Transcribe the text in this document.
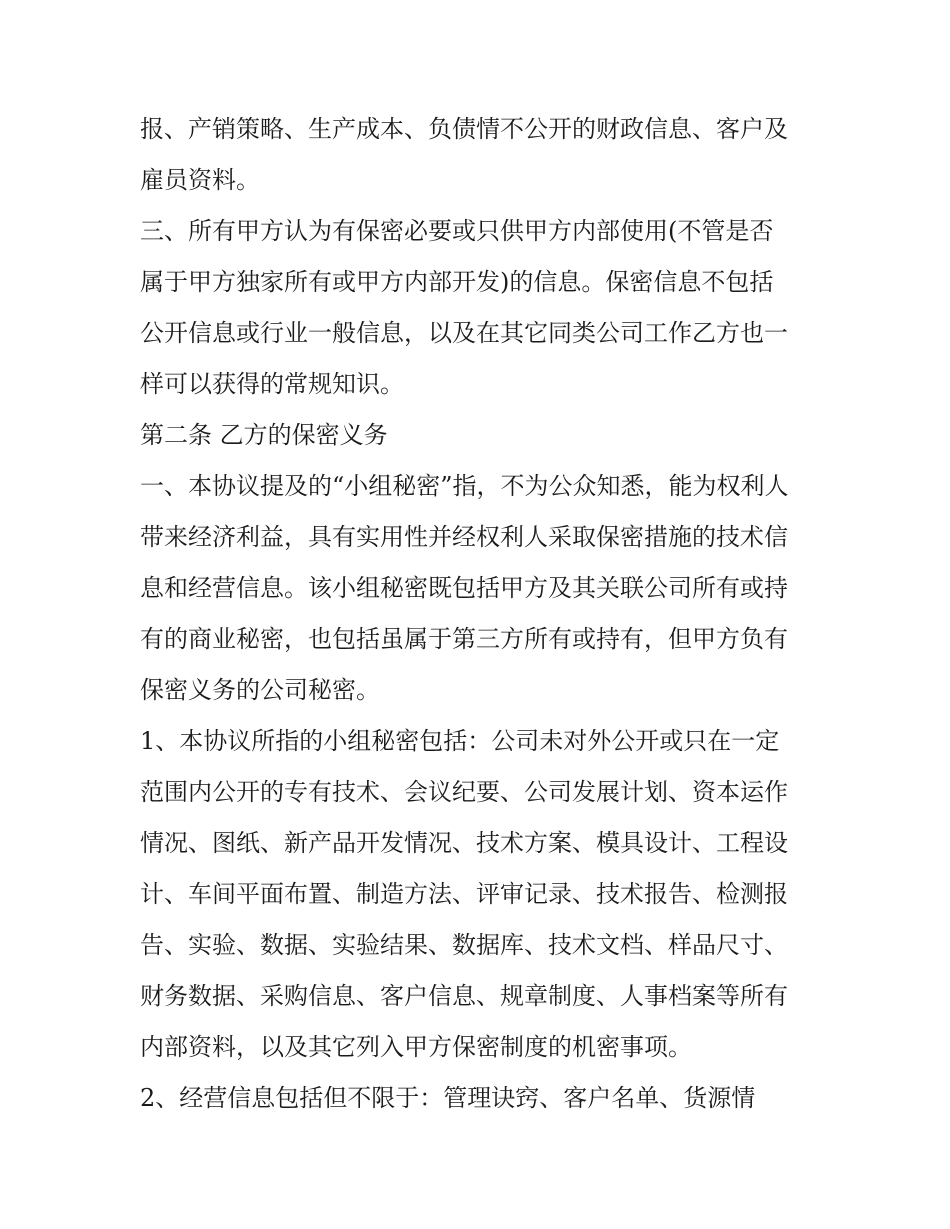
报、产销策略、生产成本、负债情不公开的财政信息、客户及
雇员资料。
三、所有甲方认为有保密必要或只供甲方内部使用(不管是否
属于甲方独家所有或甲方内部开发)的信息。保密信息不包括
公开信息或行业一般信息，以及在其它同类公司工作乙方也一
样可以获得的常规知识。
第二条 乙方的保密义务
一、本协议提及的“小组秘密”指，不为公众知悉，能为权利人
带来经济利益，具有实用性并经权利人采取保密措施的技术信
息和经营信息。该小组秘密既包括甲方及其关联公司所有或持
有的商业秘密，也包括虽属于第三方所有或持有，但甲方负有
保密义务的公司秘密。
1、本协议所指的小组秘密包括：公司未对外公开或只在一定
范围内公开的专有技术、会议纪要、公司发展计划、资本运作
情况、图纸、新产品开发情况、技术方案、模具设计、工程设
计、车间平面布置、制造方法、评审记录、技术报告、检测报
告、实验、数据、实验结果、数据库、技术文档、样品尺寸、
财务数据、采购信息、客户信息、规章制度、人事档案等所有
内部资料，以及其它列入甲方保密制度的机密事项。
2、经营信息包括但不限于：管理诀窍、客户名单、货源情
